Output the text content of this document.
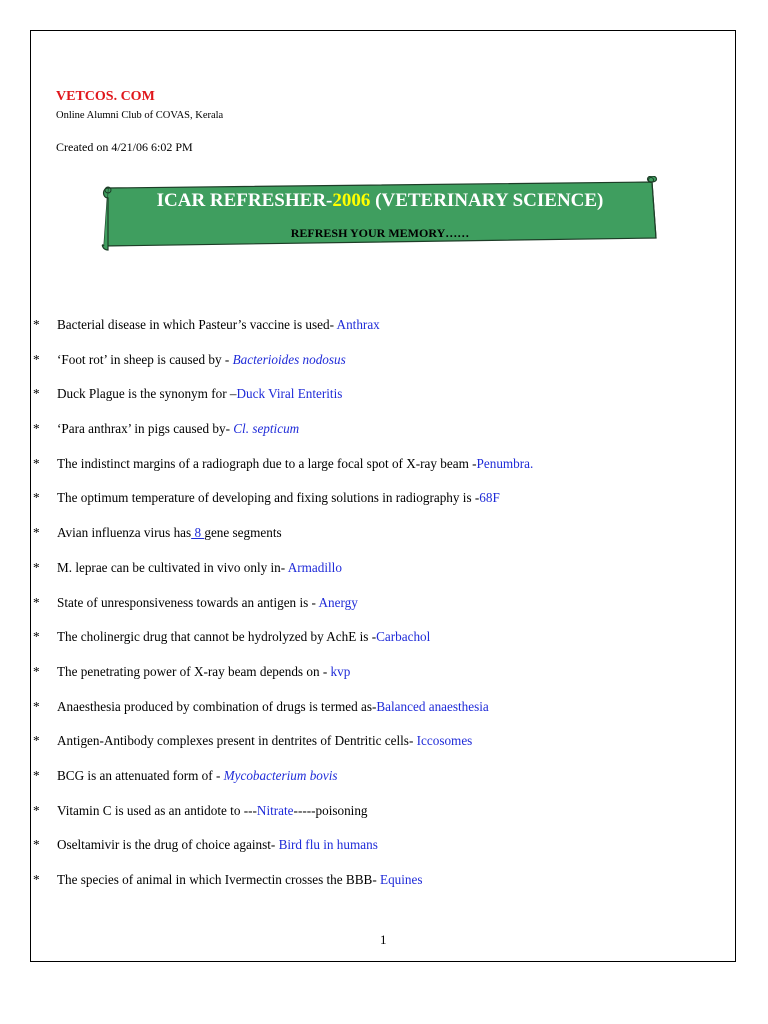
VETCOS. COM
Online Alumni Club of COVAS, Kerala
Created on 4/21/06 6:02 PM
ICAR REFRESHER-2006 (VETERINARY SCIENCE)
REFRESH YOUR MEMORY……
* Bacterial disease in which Pasteur’s vaccine is used- Anthrax
* ‘Foot rot’ in sheep is caused by - Bacterioides nodosus
* Duck Plague is the synonym for –Duck Viral Enteritis
* ‘Para anthrax’ in pigs caused by- Cl. septicum
* The indistinct margins of a radiograph due to a large focal spot of X-ray beam -Penumbra.
* The optimum temperature of developing and fixing solutions in radiography is -68F
* Avian influenza virus has 8 gene segments
* M. leprae can be cultivated in vivo only in- Armadillo
* State of unresponsiveness towards an antigen is - Anergy
* The cholinergic drug that cannot be hydrolyzed by AchE is -Carbachol
* The penetrating power of X-ray beam depends on - kvp
* Anaesthesia produced by combination of drugs is termed as-Balanced anaesthesia
* Antigen-Antibody complexes present in dentrites of Dentritic cells- Iccosomes
* BCG is an attenuated form of - Mycobacterium bovis
* Vitamin C is used as an antidote to ---Nitrate-----poisoning
* Oseltamivir is the drug of choice against- Bird flu in humans
* The species of animal in which Ivermectin crosses the BBB- Equines
1
